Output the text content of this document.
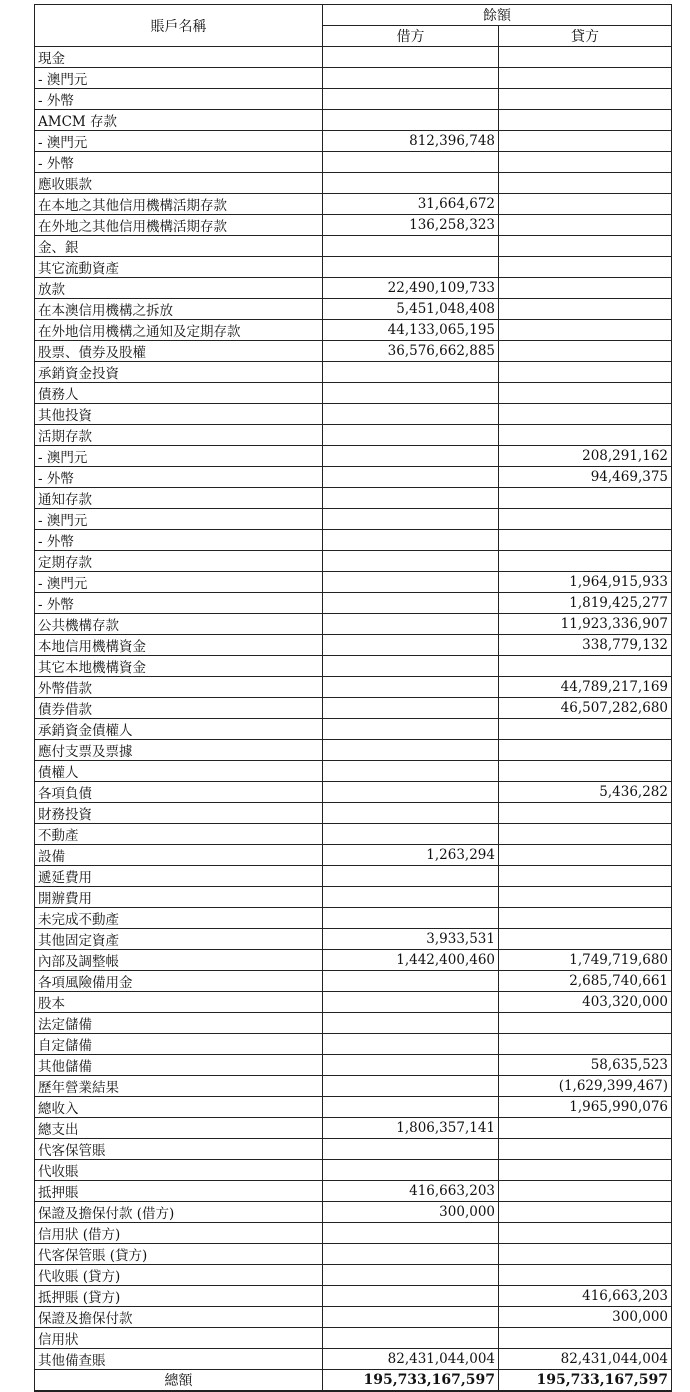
賬戶名稱	餘額	
	借方	貸方
現金		
- 澳門元		
- 外幣		
AMCM 存款		
- 澳門元	812,396,748	
- 外幣		
應收賬款		
在本地之其他信用機構活期存款	31,664,672	
在外地之其他信用機構活期存款	136,258,323	
金、銀		
其它流動資產		
放款	22,490,109,733	
在本澳信用機構之拆放	5,451,048,408	
在外地信用機構之通知及定期存款	44,133,065,195	
股票、債券及股權	36,576,662,885	
承銷資金投資		
債務人		
其他投資		
活期存款		
- 澳門元		208,291,162
- 外幣		94,469,375
通知存款		
- 澳門元		
- 外幣		
定期存款		
- 澳門元		1,964,915,933
- 外幣		1,819,425,277
公共機構存款		11,923,336,907
本地信用機構資金		338,779,132
其它本地機構資金		
外幣借款		44,789,217,169
債券借款		46,507,282,680
承銷資金債權人		
應付支票及票據		
債權人		
各項負債		5,436,282
財務投資		
不動產		
設備	1,263,294	
遞延費用		
開辦費用		
未完成不動產		
其他固定資產	3,933,531	
內部及調整帳	1,442,400,460	1,749,719,680
各項風險備用金		2,685,740,661
股本		403,320,000
法定儲備		
自定儲備		
其他儲備		58,635,523
歷年營業結果		(1,629,399,467)
總收入		1,965,990,076
總支出	1,806,357,141	
代客保管賬		
代收賬		
抵押賬	416,663,203	
保證及擔保付款 (借方)	300,000	
信用狀 (借方)		
代客保管賬 (貸方)		
代收賬 (貸方)		
抵押賬 (貸方)		416,663,203
保證及擔保付款		300,000
信用狀		
其他備查賬	82,431,044,004	82,431,044,004
總額	195,733,167,597	195,733,167,597
